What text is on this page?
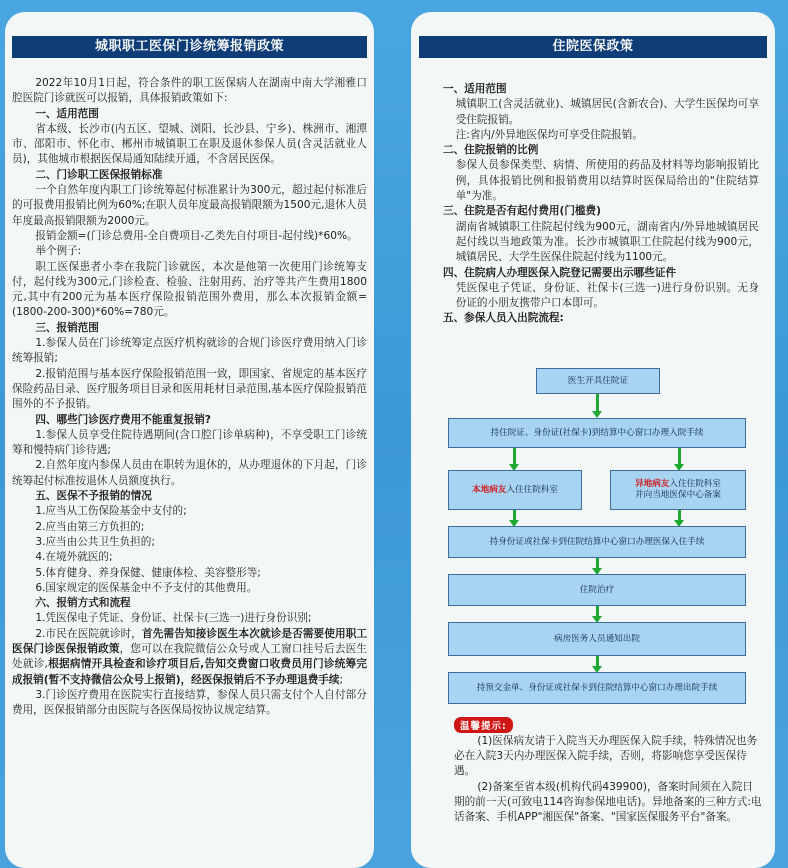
城职职工医保门诊统筹报销政策

2022年10月1日起，符合条件的职工医保病人在湖南中南大学湘雅口腔医院门诊就医可以报销，具体报销政策如下:

一、适用范围

省本级、长沙市(内五区、望城、浏阳、长沙县、宁乡)、株洲市、湘潭市、邵阳市、怀化市、郴州市城镇职工在职及退休参保人员(含灵活就业人员)，其他城市根据医保局通知陆续开通，不含居民医保。

二、门诊职工医保报销标准

一个自然年度内职工门诊统筹起付标准累计为300元，超过起付标准后的可报费用报销比例为60%;在职人员年度最高报销限额为1500元,退休人员年度最高报销限额为2000元。

报销金额=(门诊总费用-全自费项目-乙类先自付项目-起付线)*60%。

举个例子:

职工医保患者小李在我院门诊就医，本次是他第一次使用门诊统筹支付，起付线为300元,门诊检查、检验、注射用药、治疗等共产生费用1800元,其中有200元为基本医疗保险报销范围外费用，那么本次报销金额=(1800-200-300)*60%=780元。

三、报销范围

1.参保人员在门诊统筹定点医疗机构就诊的合规门诊医疗费用纳入门诊统筹报销;

2.报销范围与基本医疗保险报销范围一致，即国家、省规定的基本医疗保险药品目录、医疗服务项目目录和医用耗材目录范围,基本医疗保险报销范围外的不予报销。

四、哪些门诊医疗费用不能重复报销?

1.参保人员享受住院待遇期间(含口腔门诊单病种)，不享受职工门诊统筹和慢特病门诊待遇;

2.自然年度内参保人员由在职转为退休的，从办理退休的下月起，门诊统筹起付标准按退休人员额度执行。

五、医保不予报销的情况

1.应当从工伤保险基金中支付的;

2.应当由第三方负担的;

3.应当由公共卫生负担的;

4.在境外就医的;

5.体育健身、养身保健、健康体检、美容整形等;

6.国家规定的医保基金中不予支付的其他费用。

六、报销方式和流程

1.凭医保电子凭证、身份证、社保卡(三选一)进行身份识别;

2.市民在医院就诊时，首先需告知接诊医生本次就诊是否需要使用职工医保门诊医保报销政策，您可以在我院微信公众号或人工窗口挂号后去医生处就诊,根据病情开具检查和诊疗项目后,告知交费窗口收费员用门诊统筹完成报销(暂不支持微信公众号上报销)，经医保报销后不予办理退费手续;

3.门诊医疗费用在医院实行直接结算，参保人员只需支付个人自付部分费用，医保报销部分由医院与各医保局按协议规定结算。

住院医保政策

一、适用范围

城镇职工(含灵活就业)、城镇居民(含新农合)、大学生医保均可享受住院报销。

注:省内/外异地医保均可享受住院报销。

二、住院报销的比例

参保人员参保类型、病情、所使用的药品及材料等均影响报销比例，具体报销比例和报销费用以结算时医保局给出的"住院结算单"为准。

三、住院是否有起付费用(门槛费)

湖南省城镇职工住院起付线为900元，湖南省内/外异地城镇居民起付线以当地政策为准。长沙市城镇职工住院起付线为900元，城镇居民、大学生医保住院起付线为1100元。

四、住院病人办理医保入院登记需要出示哪些证件

凭医保电子凭证、身份证、社保卡(三选一)进行身份识别。无身份证的小朋友携带户口本即可。

五、参保人员入出院流程:

医生开具住院证
持住院证、身份证(社保卡)到结算中心窗口办理入院手续
本地病友 入住住院科室
异地病友入住住院科室
并向当地医保中心备案
持身份证或社保卡到住院结算中心窗口办理医保入住手续
住院治疗
病房医务人员通知出院
持预交金单、身份证或社保卡到住院结算中心窗口办理出院手续
温馨提示:

(1)医保病友请于入院当天办理医保入院手续，特殊情况也务必在入院3天内办理医保入院手续，否则，将影响您享受医保待遇。

(2)备案至省本级(机构代码439900)，备案时间须在入院日期的前一天(可致电114咨询参保地电话)。异地备案的三种方式:电话备案、手机APP"湘医保"备案、"国家医保服务平台"备案。
